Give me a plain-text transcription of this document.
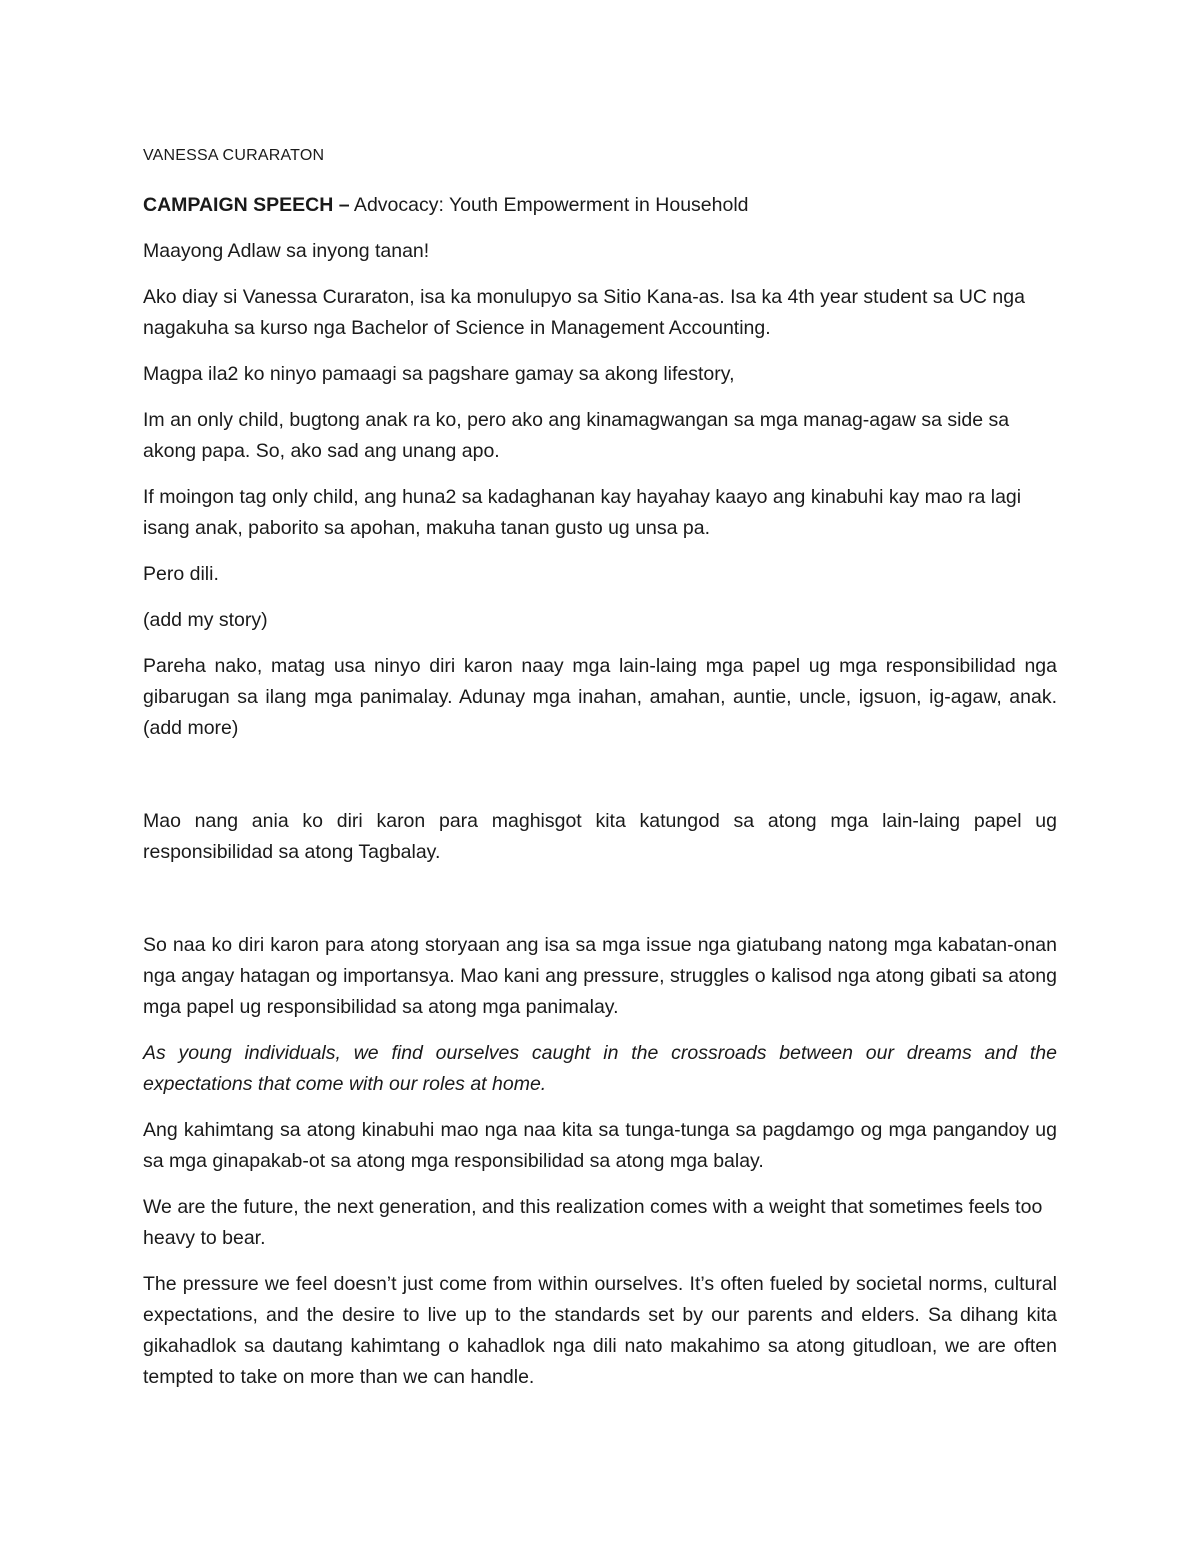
VANESSA CURARATON
CAMPAIGN SPEECH – Advocacy: Youth Empowerment in Household

Maayong Adlaw sa inyong tanan!

Ako diay si Vanessa Curaraton, isa ka monulupyo sa Sitio Kana-as. Isa ka 4th year student sa UC nga nagakuha sa kurso nga Bachelor of Science in Management Accounting.

Magpa ila2 ko ninyo pamaagi sa pagshare gamay sa akong lifestory,

Im an only child, bugtong anak ra ko, pero ako ang kinamagwangan sa mga manag-agaw sa side sa akong papa. So, ako sad ang unang apo.

If moingon tag only child, ang huna2 sa kadaghanan kay hayahay kaayo ang kinabuhi kay mao ra lagi isang anak, paborito sa apohan, makuha tanan gusto ug unsa pa.

Pero dili.

(add my story)

Pareha nako, matag usa ninyo diri karon naay mga lain-laing mga papel ug mga responsibilidad nga gibarugan sa ilang mga panimalay. Adunay mga inahan, amahan, auntie, uncle, igsuon, ig-agaw, anak. (add more)

Mao nang ania ko diri karon para maghisgot kita katungod sa atong mga lain-laing papel ug responsibilidad sa atong Tagbalay.

So naa ko diri karon para atong storyaan ang isa sa mga issue nga giatubang natong mga kabatan-onan nga angay hatagan og importansya. Mao kani ang pressure, struggles o kalisod nga atong gibati sa atong mga papel ug responsibilidad sa atong mga panimalay.

As young individuals, we find ourselves caught in the crossroads between our dreams and the expectations that come with our roles at home.

Ang kahimtang sa atong kinabuhi mao nga naa kita sa tunga-tunga sa pagdamgo og mga pangandoy ug sa mga ginapakab-ot sa atong mga responsibilidad sa atong mga balay.

We are the future, the next generation, and this realization comes with a weight that sometimes feels too heavy to bear.

The pressure we feel doesn’t just come from within ourselves. It’s often fueled by societal norms, cultural expectations, and the desire to live up to the standards set by our parents and elders. Sa dihang kita gikahadlok sa dautang kahimtang o kahadlok nga dili nato makahimo sa atong gitudloan, we are often tempted to take on more than we can handle.
